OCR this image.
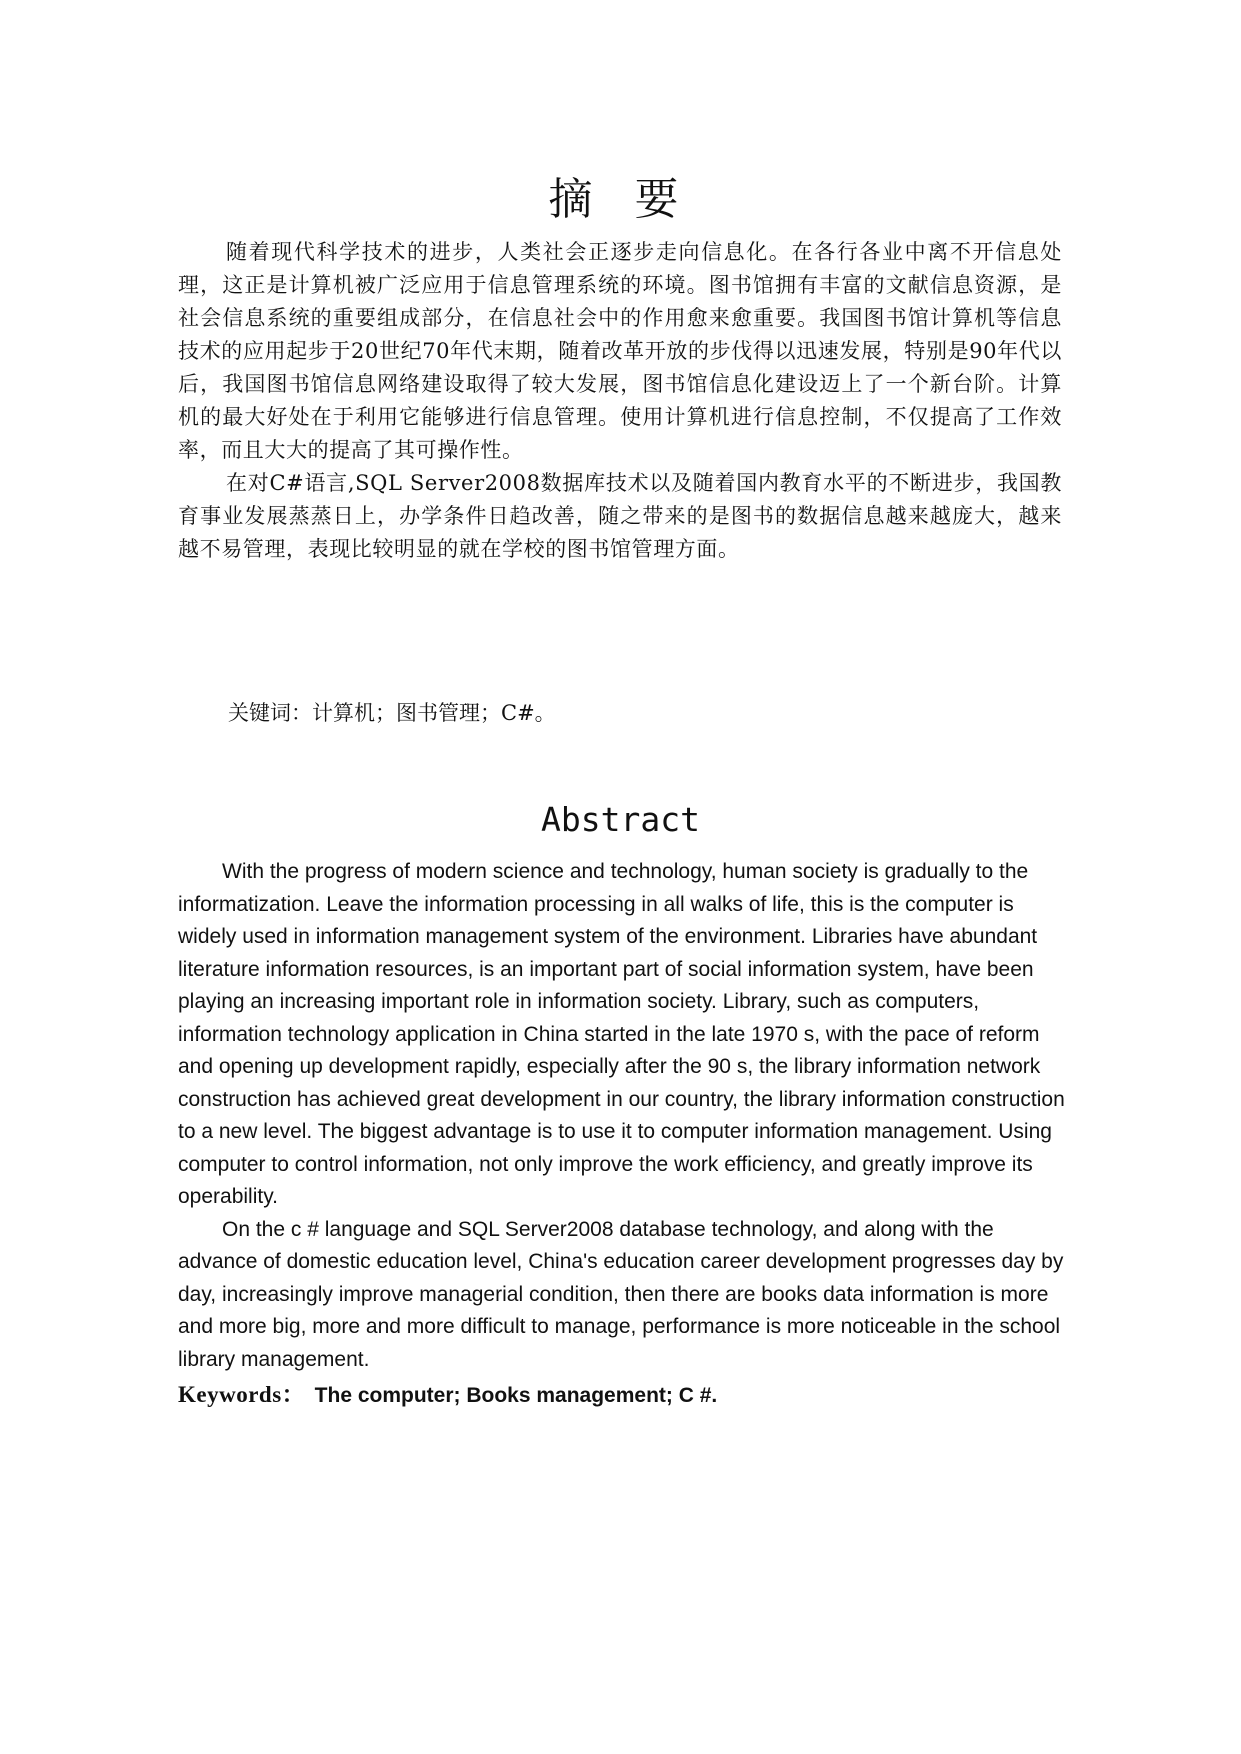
摘 要

随着现代科学技术的进步，人类社会正逐步走向信息化。在各行各业中离不开信息处理，这正是计算机被广泛应用于信息管理系统的环境。图书馆拥有丰富的文献信息资源，是社会信息系统的重要组成部分，在信息社会中的作用愈来愈重要。我国图书馆计算机等信息技术的应用起步于20世纪70年代末期，随着改革开放的步伐得以迅速发展，特别是90年代以后，我国图书馆信息网络建设取得了较大发展，图书馆信息化建设迈上了一个新台阶。计算机的最大好处在于利用它能够进行信息管理。使用计算机进行信息控制，不仅提高了工作效率，而且大大的提高了其可操作性。

在对C#语言,SQL Server2008数据库技术以及随着国内教育水平的不断进步，我国教育事业发展蒸蒸日上，办学条件日趋改善，随之带来的是图书的数据信息越来越庞大，越来越不易管理，表现比较明显的就在学校的图书馆管理方面。

关键词：计算机；图书管理；C#。
Abstract

With the progress of modern science and technology, human society is gradually to the informatization. Leave the information processing in all walks of life, this is the computer is widely used in information management system of the environment. Libraries have abundant literature information resources, is an important part of social information system, have been playing an increasing important role in information society. Library, such as computers, information technology application in China started in the late 1970 s, with the pace of reform and opening up development rapidly, especially after the 90 s, the library information network construction has achieved great development in our country, the library information construction to a new level. The biggest advantage is to use it to computer information management. Using computer to control information, not only improve the work efficiency, and greatly improve its operability.

On the c # language and SQL Server2008 database technology, and along with the advance of domestic education level, China's education career development progresses day by day, increasingly improve managerial condition, then there are books data information is more and more big, more and more difficult to manage, performance is more noticeable in the school library management.

Keywords： The computer; Books management; C #.
